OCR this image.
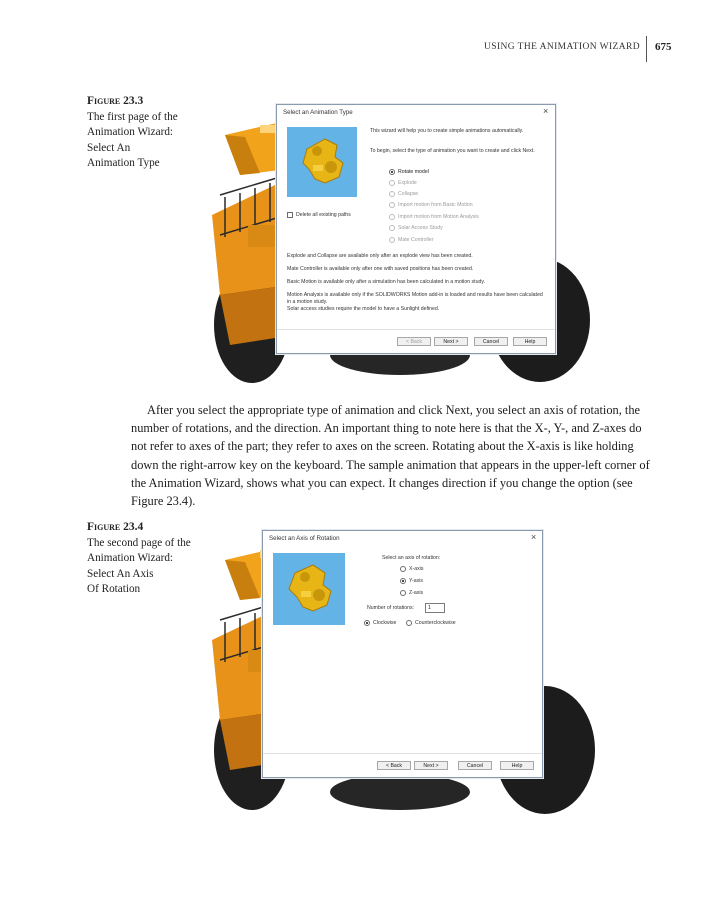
USING THE ANIMATION WIZARD 675
Figure 23.3
The first page of the
Animation Wizard:
Select An
Animation Type
Select an Animation Type	×
This wizard will help you to create simple animations automatically.
To begin, select the type of animation you want to create and click Next.
Rotate model
Explode
Collapse
Import motion from Basic Motion
Import motion from Motion Analysis
Solar Access Study
Mate Controller
Delete all existing paths
Explode and Collapse are available only after an explode view has been created.
Mate Controller is available only after one with saved positions has been created.
Basic Motion is available only after a simulation has been calculated in a motion study.
Motion Analysis is available only if the SOLIDWORKS Motion add-in is loaded and results have been calculated
in a motion study.
Solar access studies require the model to have a Sunlight defined.
< Back	Next >	Cancel	Help

After you select the appropriate type of animation and click Next, you select an axis of rotation, the number of rotations, and the direction. An important thing to note here is that the X-, Y-, and Z-axes do not refer to axes of the part; they refer to axes on the screen. Rotating about the X-axis is like holding down the right-arrow key on the keyboard. The sample animation that appears in the upper-left corner of the Animation Wizard, shows what you can expect. It changes direction if you change the option (see Figure 23.4).

Figure 23.4
The second page of the
Animation Wizard:
Select An Axis
Of Rotation
Select an Axis of Rotation	×
Select an axis of rotation:
X-axis
Y-axis
Z-axis
Number of rotations:	1
Clockwise	Counterclockwise
< Back	Next >	Cancel	Help
